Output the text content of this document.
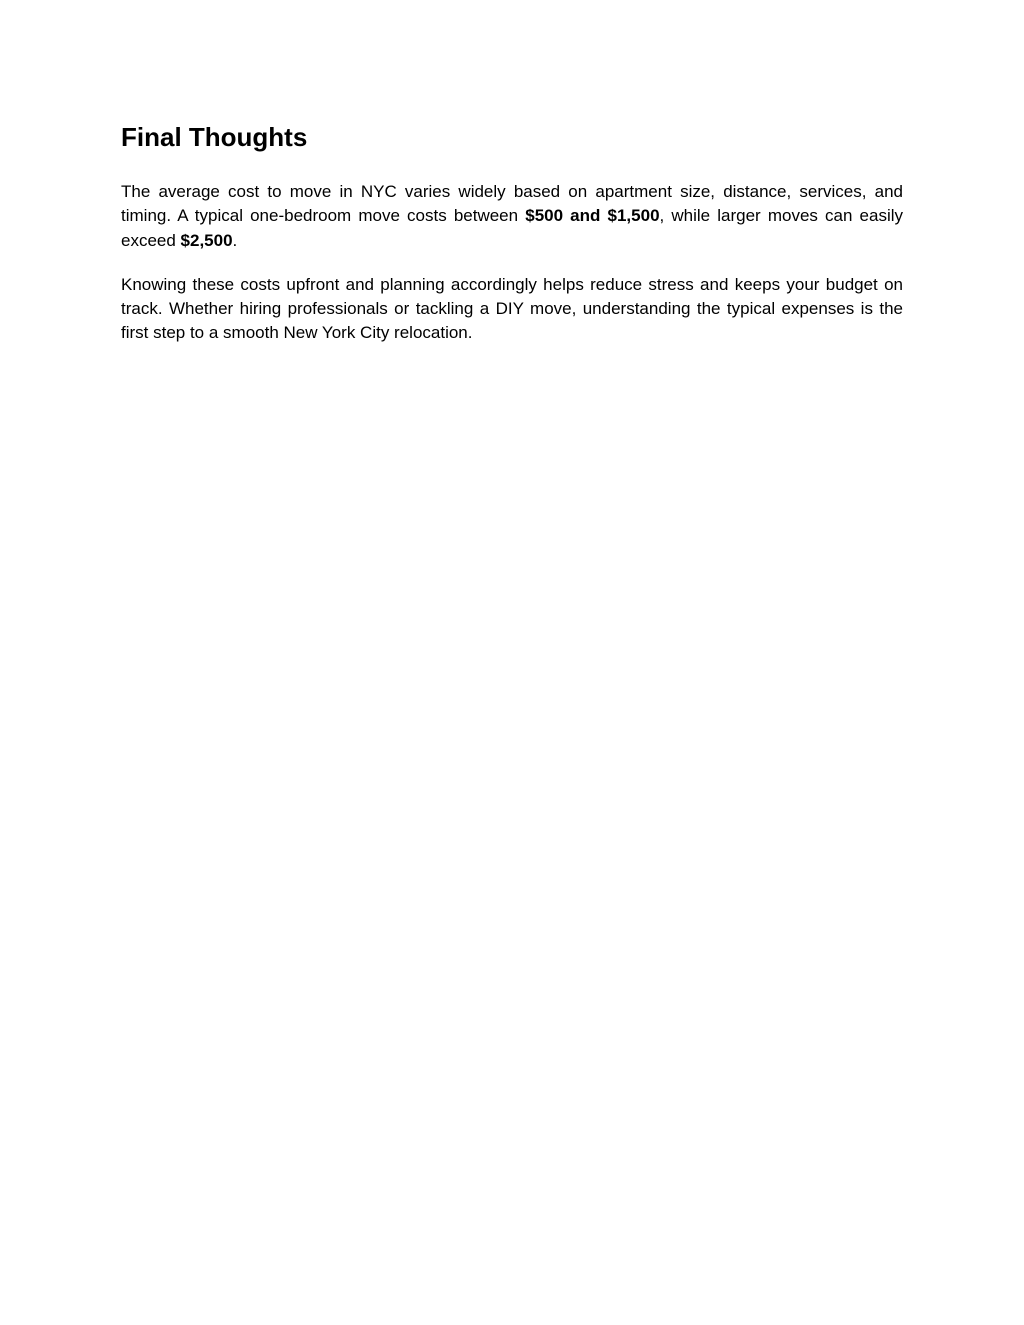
Final Thoughts

The average cost to move in NYC varies widely based on apartment size, distance, services, and timing. A typical one-bedroom move costs between $500 and $1,500, while larger moves can easily exceed $2,500.

Knowing these costs upfront and planning accordingly helps reduce stress and keeps your budget on track. Whether hiring professionals or tackling a DIY move, understanding the typical expenses is the first step to a smooth New York City relocation.
